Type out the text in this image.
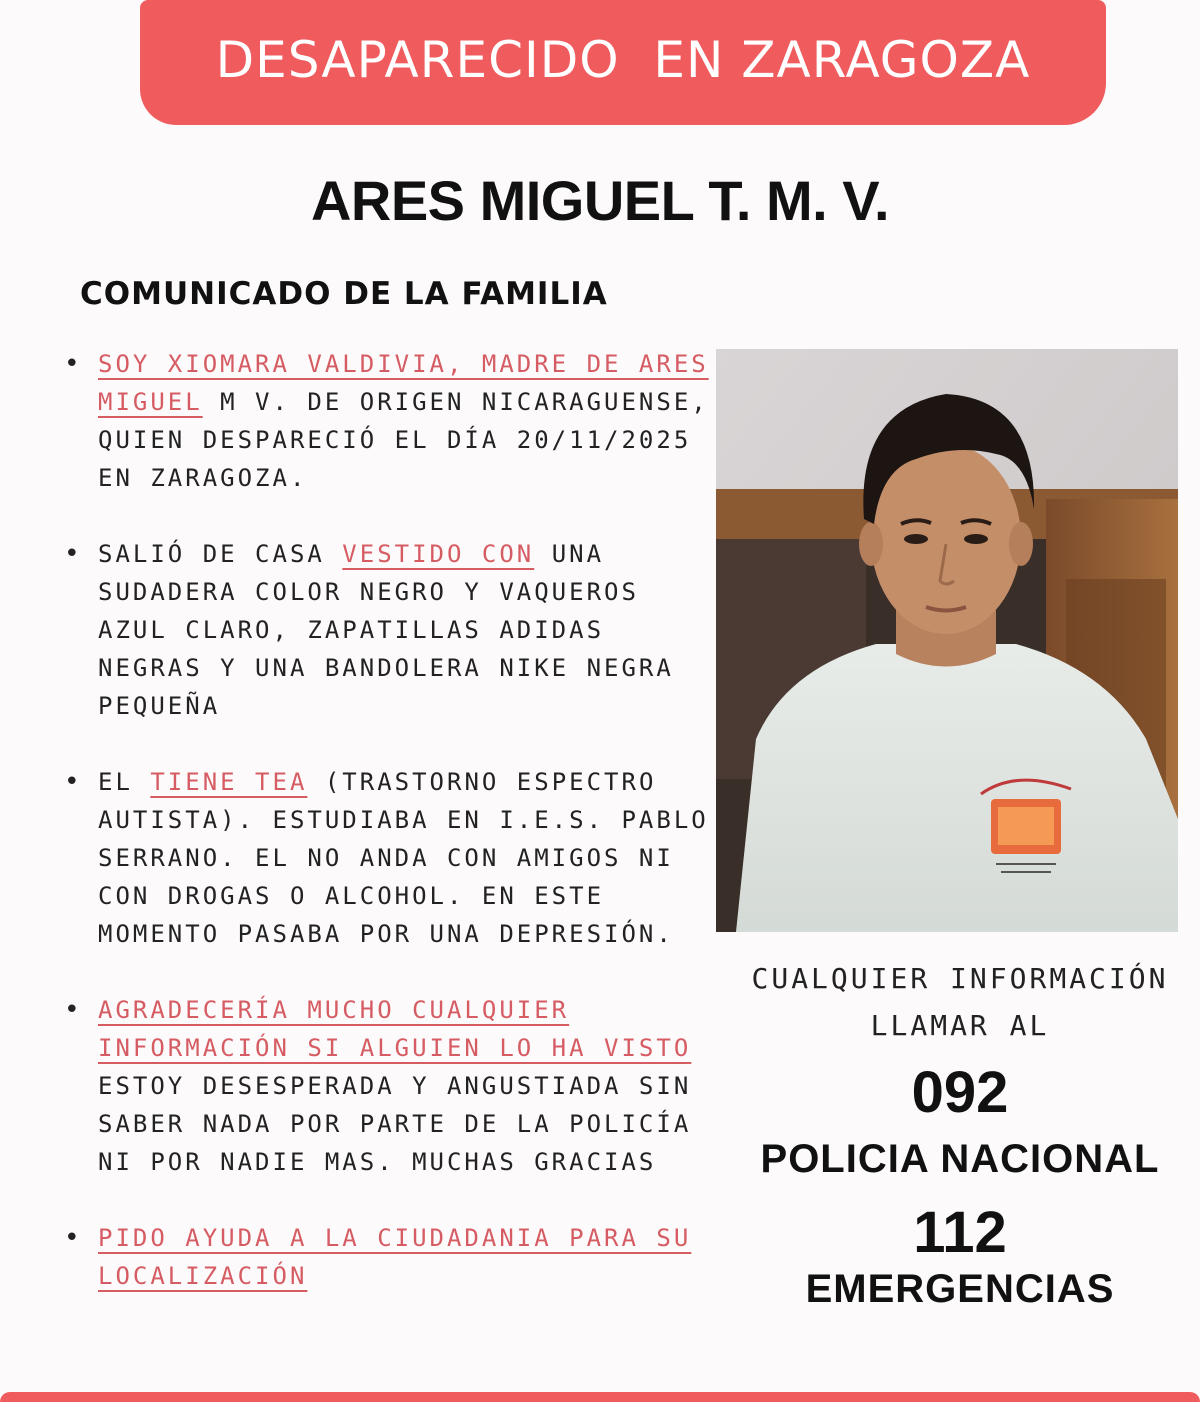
DESAPARECIDO  EN ZARAGOZA
ARES MIGUEL T. M. V.
COMUNICADO DE LA FAMILIA
• SOY XIOMARA VALDIVIA, MADRE DE ARES MIGUEL M V. DE ORIGEN NICARAGUENSE, QUIEN DESPARECIÓ EL DÍA 20/11/2025 EN ZARAGOZA.
• SALIÓ DE CASA VESTIDO CON UNA SUDADERA COLOR NEGRO Y VAQUEROS AZUL CLARO, ZAPATILLAS ADIDAS NEGRAS Y UNA BANDOLERA NIKE NEGRA PEQUEÑA
• EL TIENE TEA (TRASTORNO ESPECTRO AUTISTA). ESTUDIABA EN I.E.S. PABLO SERRANO. EL NO ANDA CON AMIGOS NI CON DROGAS O ALCOHOL. EN ESTE MOMENTO PASABA POR UNA DEPRESIÓN.
• AGRADECERÍA MUCHO CUALQUIER INFORMACIÓN SI ALGUIEN LO HA VISTO ESTOY DESESPERADA Y ANGUSTIADA SIN SABER NADA POR PARTE DE LA POLICÍA NI POR NADIE MAS. MUCHAS GRACIAS
• PIDO AYUDA A LA CIUDADANIA PARA SU LOCALIZACIÓN
CUALQUIER INFORMACIÓN LLAMAR AL
092
POLICIA NACIONAL
112
EMERGENCIAS
